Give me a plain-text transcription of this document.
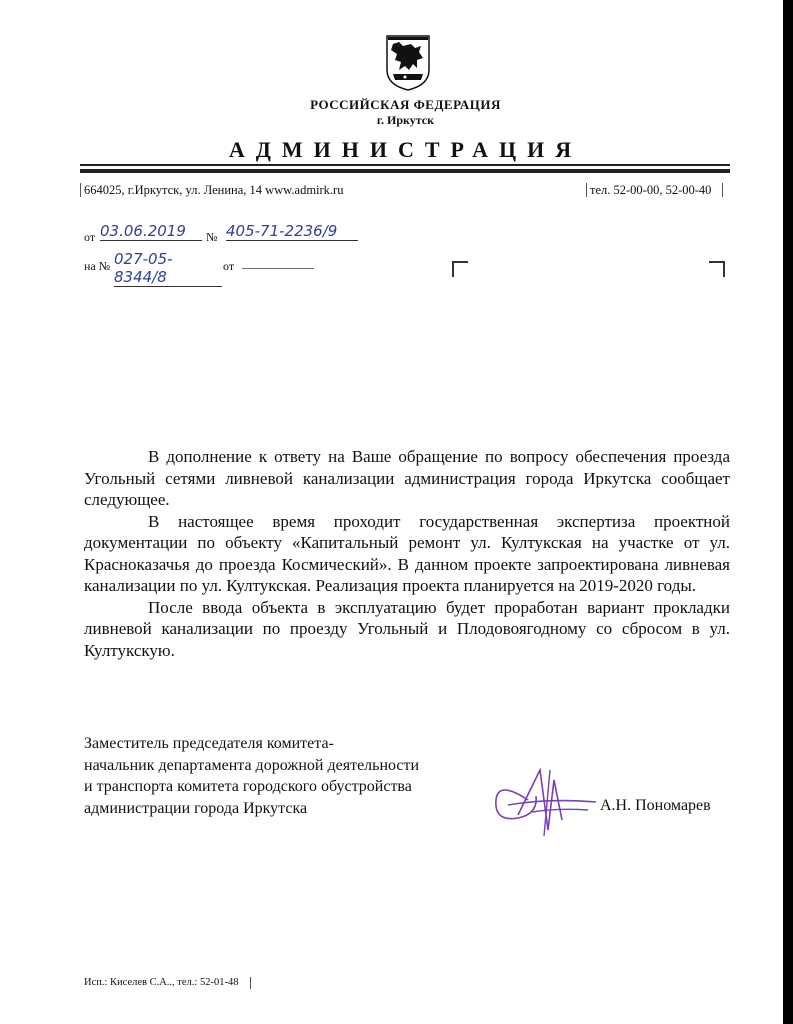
РОССИЙСКАЯ ФЕДЕРАЦИЯ
г. Иркутск
АДМИНИСТРАЦИЯ
664025, г.Иркутск, ул. Ленина, 14 www.admirk.ru	тел. 52-00-00, 52-00-40
от 03.06.2019	№ 405-71-2236/9
на № 027-05-8344/8
от ____________

В дополнение к ответу на Ваше обращение по вопросу обеспечения проезда Угольный сетями ливневой канализации администрация города Иркутска сообщает следующее.

В настоящее время проходит государственная экспертиза проектной документации по объекту «Капитальный ремонт ул. Култукская на участке от ул. Красноказачья до проезда Космический». В данном проекте запроектирована ливневая канализации по ул. Култукская. Реализация проекта планируется на 2019-2020 годы.

После ввода объекта в эксплуатацию будет проработан вариант прокладки ливневой канализации по проезду Угольный и Плодовоягодному со сбросом в ул. Култукскую.

Заместитель председателя комитета-
начальник департамента дорожной деятельности
и транспорта комитета городского обустройства
администрации города Иркутска	А.Н. Пономарев
Исп.: Киселев С.А.., тел.: 52-01-48
